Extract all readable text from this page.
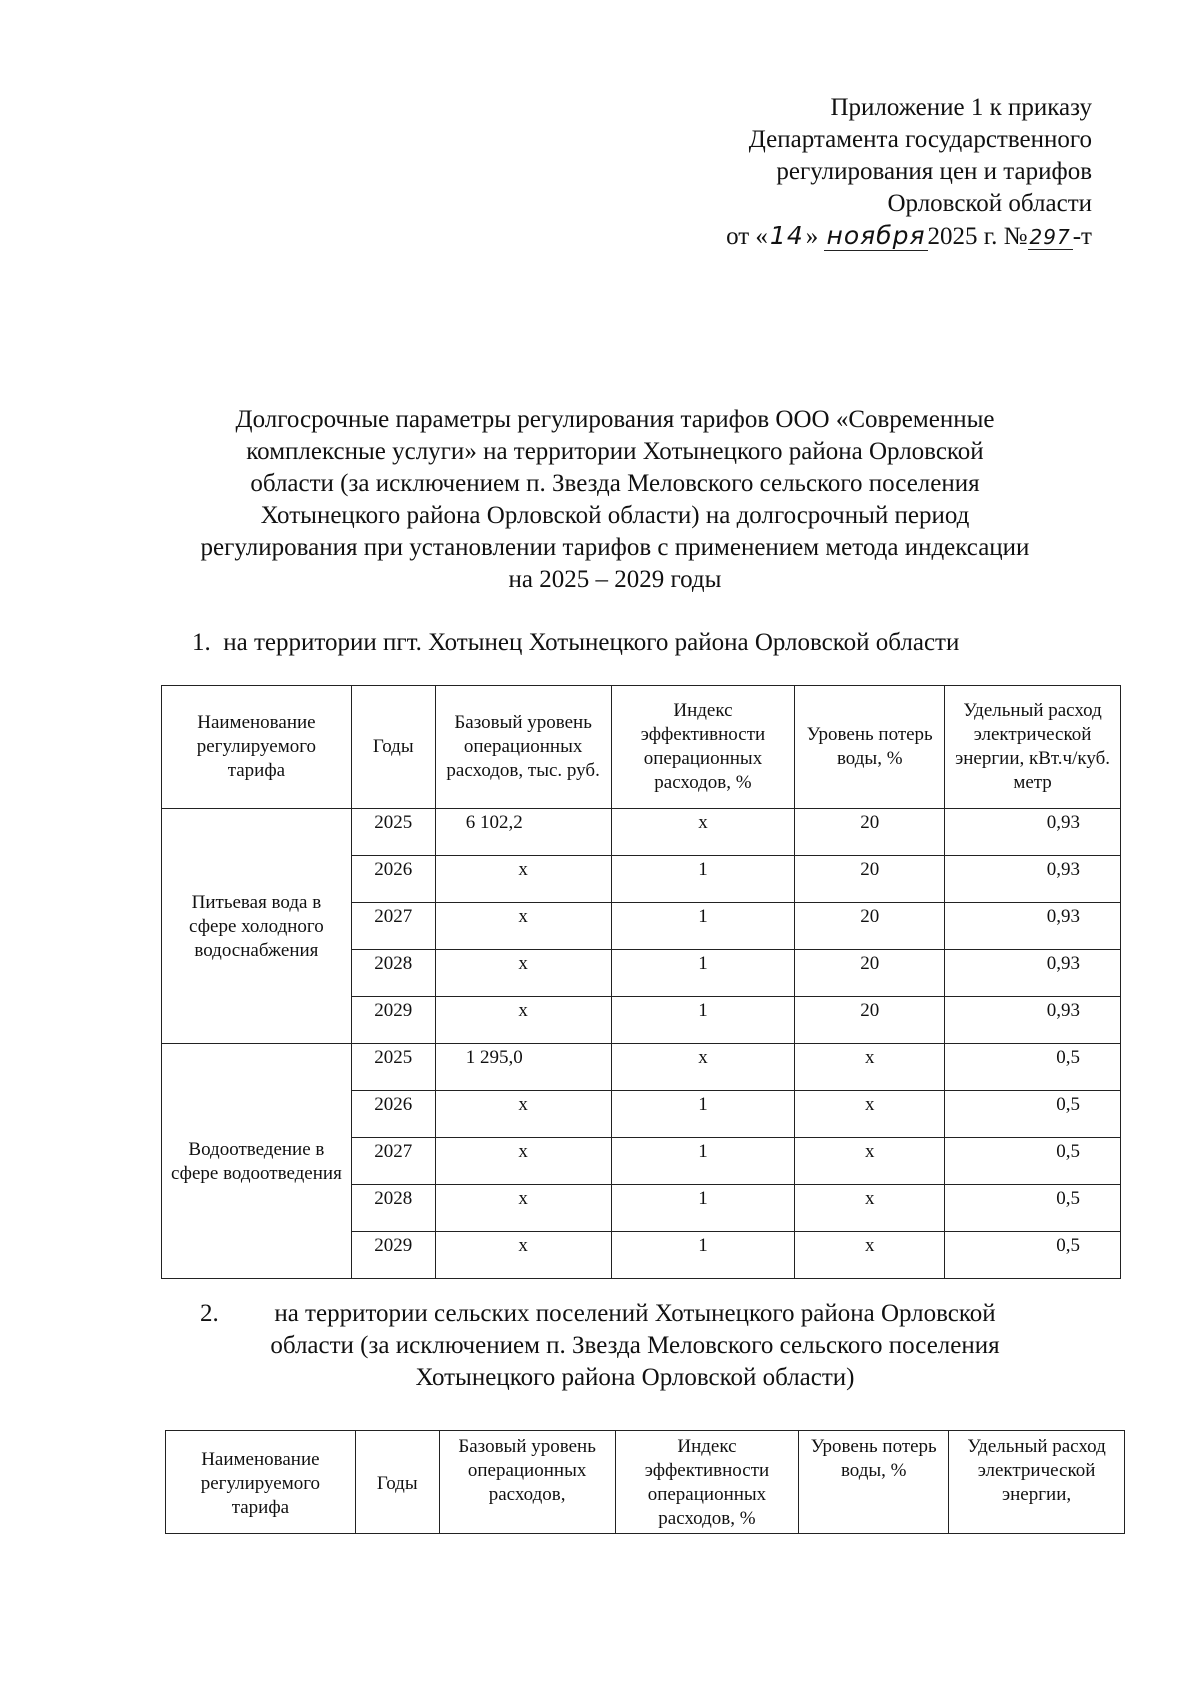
Приложение 1 к приказу
Департамента государственного
регулирования цен и тарифов
Орловской области
от «14» ноября2025 г. № 297-т
Долгосрочные параметры регулирования тарифов ООО «Современные
комплексные услуги» на территории Хотынецкого района Орловской
области (за исключением п. Звезда Меловского сельского поселения
Хотынецкого района Орловской области) на долгосрочный период
регулирования при установлении тарифов с применением метода индексации
на 2025 – 2029 годы
1. на территории пгт. Хотынец Хотынецкого района Орловской области
Наименование регулируемого тарифа	Годы	Базовый уровень операционных расходов, тыс. руб.	Индекс эффективности операционных расходов, %	Уровень потерь воды, %	Удельный расход электрической энергии, кВт.ч/куб. метр
Питьевая вода в сфере холодного водоснабжения	2025	6 102,2	х	20	0,93
	2026	х	1	20	0,93
	2027	х	1	20	0,93
	2028	х	1	20	0,93
	2029	х	1	20	0,93
Водоотведение в сфере водоотведения	2025	1 295,0	х	х	0,5
	2026	х	1	х	0,5
	2027	х	1	х	0,5
	2028	х	1	х	0,5
	2029	х	1	х	0,5
2.	на территории сельских поселений Хотынецкого района Орловской
области (за исключением п. Звезда Меловского сельского поселения
Хотынецкого района Орловской области)
Наименование регулируемого тарифа	Годы	Базовый уровень операционных расходов,	Индекс эффективности операционных расходов, %	Уровень потерь воды, %	Удельный расход электрической энергии,
